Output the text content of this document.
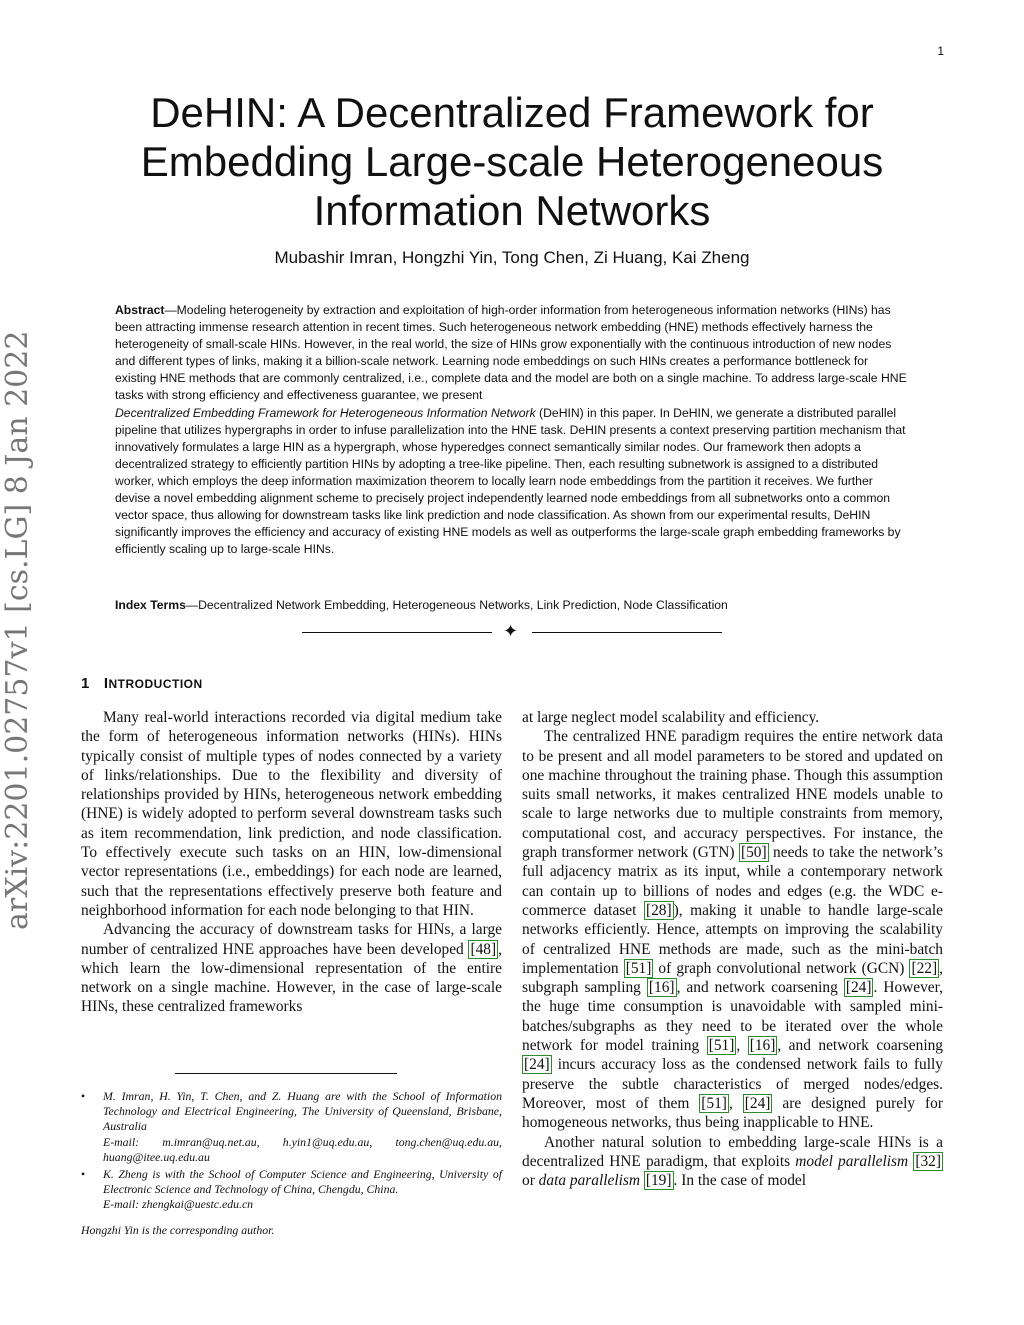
1
arXiv:2201.02757v1 [cs.LG] 8 Jan 2022
DeHIN: A Decentralized Framework for
Embedding Large-scale Heterogeneous
Information Networks
Mubashir Imran, Hongzhi Yin, Tong Chen, Zi Huang, Kai Zheng

Abstract—Modeling heterogeneity by extraction and exploitation of high-order information from heterogeneous information networks (HINs) has been attracting immense research attention in recent times. Such heterogeneous network embedding (HNE) methods effectively harness the heterogeneity of small-scale HINs. However, in the real world, the size of HINs grow exponentially with the continuous introduction of new nodes and different types of links, making it a billion-scale network. Learning node embeddings on such HINs creates a performance bottleneck for existing HNE methods that are commonly centralized, i.e., complete data and the model are both on a single machine. To address large-scale HNE tasks with strong efficiency and effectiveness guarantee, we present
Decentralized Embedding Framework for Heterogeneous Information Network (DeHIN) in this paper. In DeHIN, we generate a distributed parallel pipeline that utilizes hypergraphs in order to infuse parallelization into the HNE task. DeHIN presents a context preserving partition mechanism that innovatively formulates a large HIN as a hypergraph, whose hyperedges connect semantically similar nodes. Our framework then adopts a decentralized strategy to efficiently partition HINs by adopting a tree-like pipeline. Then, each resulting subnetwork is assigned to a distributed worker, which employs the deep information maximization theorem to locally learn node embeddings from the partition it receives. We further devise a novel embedding alignment scheme to precisely project independently learned node embeddings from all subnetworks onto a common vector space, thus allowing for downstream tasks like link prediction and node classification. As shown from our experimental results, DeHIN significantly improves the efficiency and accuracy of existing HNE models as well as outperforms the large-scale graph embedding frameworks by efficiently scaling up to large-scale HINs.

Index Terms—Decentralized Network Embedding, Heterogeneous Networks, Link Prediction, Node Classification
✦
1 INTRODUCTION

Many real-world interactions recorded via digital medium take the form of heterogeneous information networks (HINs). HINs typically consist of multiple types of nodes connected by a variety of links/relationships. Due to the flexibility and diversity of relationships provided by HINs, heterogeneous network embedding (HNE) is widely adopted to perform several downstream tasks such as item recommendation, link prediction, and node classification. To effectively execute such tasks on an HIN, low-dimensional vector representations (i.e., embeddings) for each node are learned, such that the representations effectively preserve both feature and neighborhood information for each node belonging to that HIN.

Advancing the accuracy of downstream tasks for HINs, a large number of centralized HNE approaches have been developed [48] , which learn the low-dimensional representation of the entire network on a single machine. However, in the case of large-scale HINs, these centralized frameworks

at large neglect model scalability and efficiency.

The centralized HNE paradigm requires the entire network data to be present and all model parameters to be stored and updated on one machine throughout the training phase. Though this assumption suits small networks, it makes centralized HNE models unable to scale to large networks due to multiple constraints from memory, computational cost, and accuracy perspectives. For instance, the graph transformer network (GTN) [50] needs to take the network’s full adjacency matrix as its input, while a contemporary network can contain up to billions of nodes and edges (e.g. the WDC e-commerce dataset [28] ), making it unable to handle large-scale networks efficiently. Hence, attempts on improving the scalability of centralized HNE methods are made, such as the mini-batch implementation [51] of graph convolutional network (GCN) [22] , subgraph sampling [16] , and network coarsening [24] . However, the huge time consumption is unavoidable with sampled mini-batches/subgraphs as they need to be iterated over the whole network for model training [51] , [16] , and network coarsening [24] incurs accuracy loss as the condensed network fails to fully preserve the subtle characteristics of merged nodes/edges. Moreover, most of them [51] , [24] are designed purely for homogeneous networks, thus being inapplicable to HNE.

Another natural solution to embedding large-scale HINs is a decentralized HNE paradigm, that exploits model parallelism [32] or data parallelism [19] . In the case of model

• M. Imran, H. Yin, T. Chen, and Z. Huang are with the School of Information Technology and Electrical Engineering, The University of Queensland, Brisbane, Australia
E-mail: m.imran@uq.net.au, h.yin1@uq.edu.au, tong.chen@uq.edu.au, huang@itee.uq.edu.au
• K. Zheng is with the School of Computer Science and Engineering, University of Electronic Science and Technology of China, Chengdu, China.
E-mail: zhengkai@uestc.edu.cn
Hongzhi Yin is the corresponding author.
